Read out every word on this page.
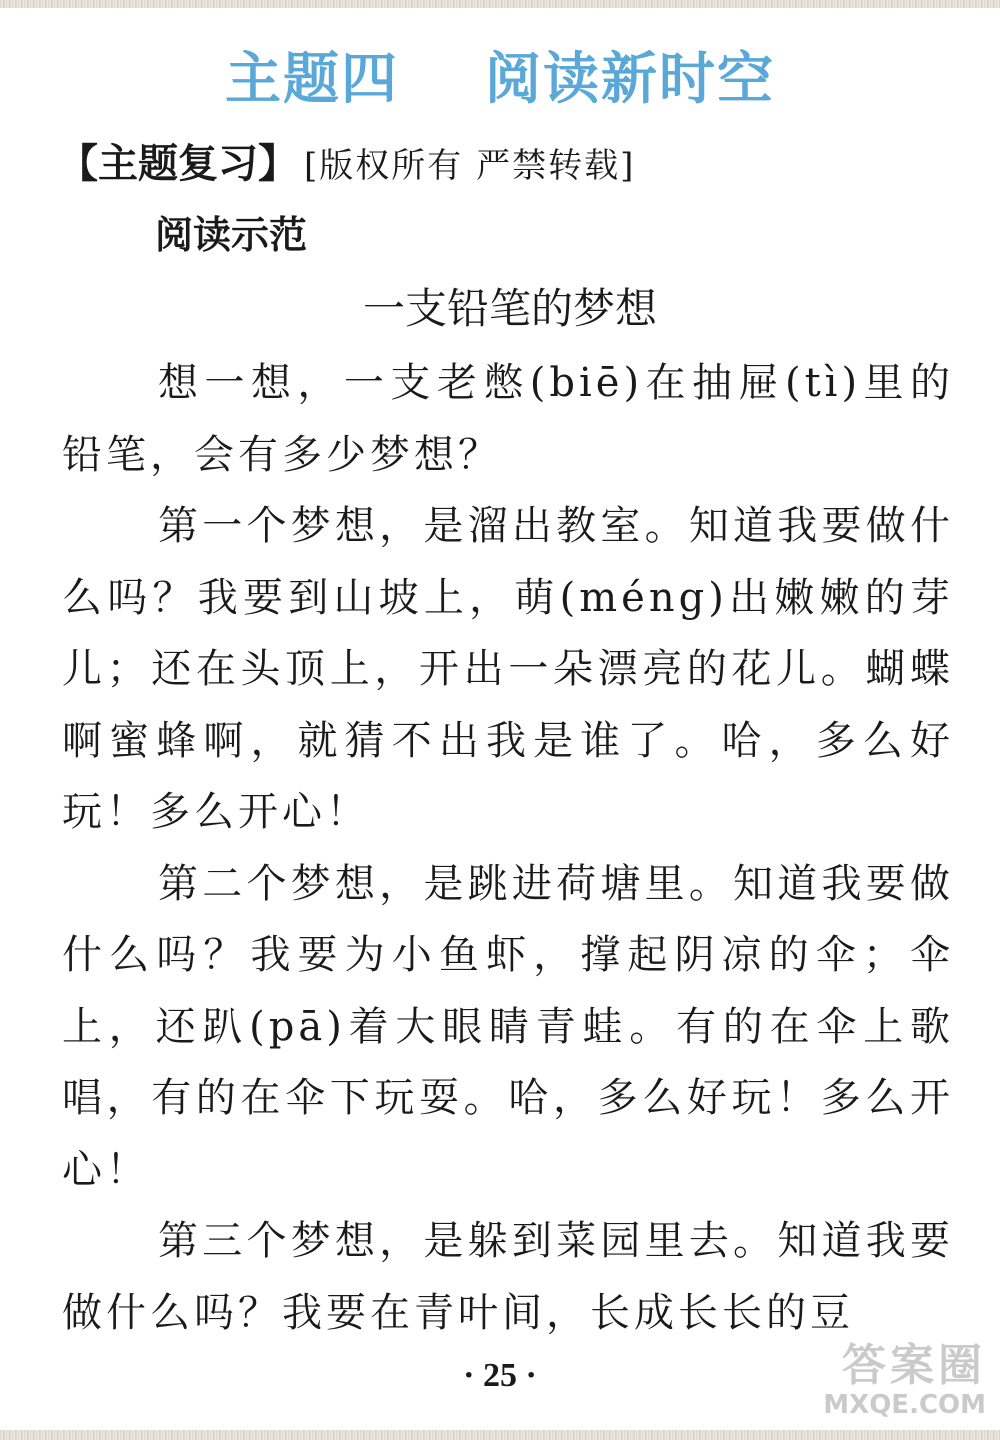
主题四    阅读新时空
【主题复习】 [版权所有 严禁转载]
阅读示范
一支铅笔的梦想

想一想，一支老憋(biē)在抽屉(tì)里的铅笔，会有多少梦想？

第一个梦想，是溜出教室。知道我要做什么吗？我要到山坡上，萌(méng)出嫩嫩的芽儿；还在头顶上，开出一朵漂亮的花儿。蝴蝶啊蜜蜂啊，就猜不出我是谁了。哈，多么好玩！多么开心！

第二个梦想，是跳进荷塘里。知道我要做什么吗？我要为小鱼虾，撑起阴凉的伞；伞上，还趴(pā)着大眼睛青蛙。有的在伞上歌唱，有的在伞下玩耍。哈，多么好玩！多么开心！

第三个梦想，是躲到菜园里去。知道我要做什么吗？我要在青叶间，长成长长的豆

· 25 ·	答案圈
MXQE.COM
